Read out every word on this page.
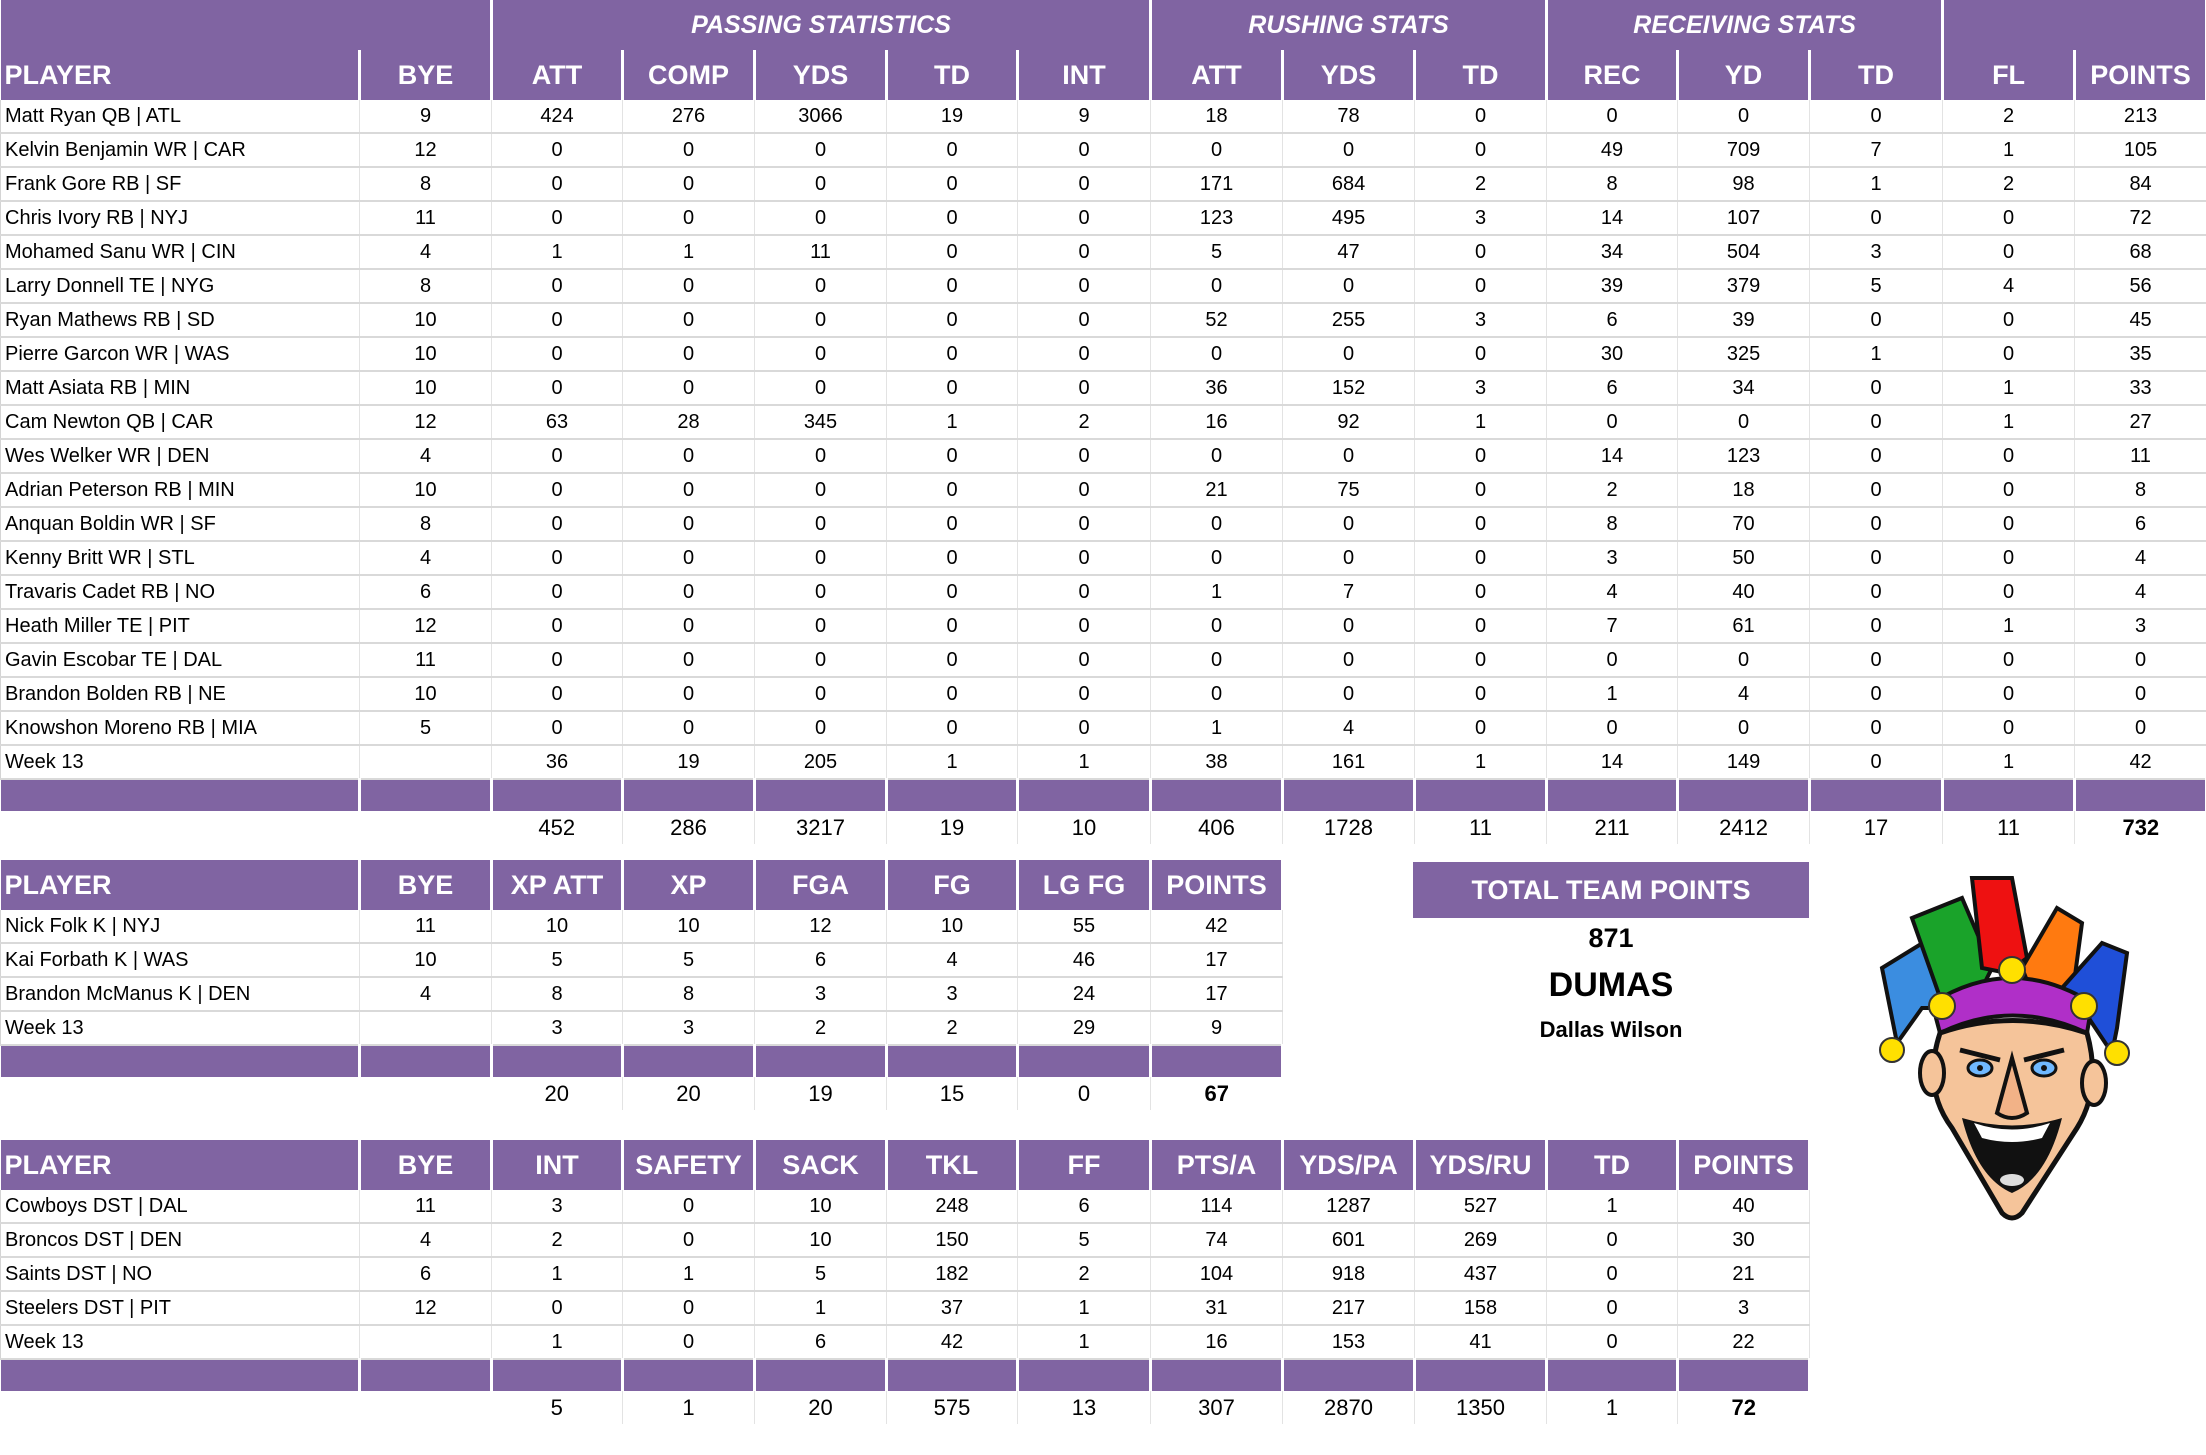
		PASSING STATISTICS					RUSHING STATS			RECEIVING STATS				
PLAYER	BYE	ATT	COMP	YDS	TD	INT	ATT	YDS	TD	REC	YD	TD	FL	POINTS
Matt Ryan QB | ATL	9	424	276	3066	19	9	18	78	0	0	0	0	2	213
Kelvin Benjamin WR | CAR	12	0	0	0	0	0	0	0	0	49	709	7	1	105
Frank Gore RB | SF	8	0	0	0	0	0	171	684	2	8	98	1	2	84
Chris Ivory RB | NYJ	11	0	0	0	0	0	123	495	3	14	107	0	0	72
Mohamed Sanu WR | CIN	4	1	1	11	0	0	5	47	0	34	504	3	0	68
Larry Donnell TE | NYG	8	0	0	0	0	0	0	0	0	39	379	5	4	56
Ryan Mathews RB | SD	10	0	0	0	0	0	52	255	3	6	39	0	0	45
Pierre Garcon WR | WAS	10	0	0	0	0	0	0	0	0	30	325	1	0	35
Matt Asiata RB | MIN	10	0	0	0	0	0	36	152	3	6	34	0	1	33
Cam Newton QB | CAR	12	63	28	345	1	2	16	92	1	0	0	0	1	27
Wes Welker WR | DEN	4	0	0	0	0	0	0	0	0	14	123	0	0	11
Adrian Peterson RB | MIN	10	0	0	0	0	0	21	75	0	2	18	0	0	8
Anquan Boldin WR | SF	8	0	0	0	0	0	0	0	0	8	70	0	0	6
Kenny Britt WR | STL	4	0	0	0	0	0	0	0	0	3	50	0	0	4
Travaris Cadet RB | NO	6	0	0	0	0	0	1	7	0	4	40	0	0	4
Heath Miller TE | PIT	12	0	0	0	0	0	0	0	0	7	61	0	1	3
Gavin Escobar TE | DAL	11	0	0	0	0	0	0	0	0	0	0	0	0	0
Brandon Bolden RB | NE	10	0	0	0	0	0	0	0	0	1	4	0	0	0
Knowshon Moreno RB | MIA	5	0	0	0	0	0	1	4	0	0	0	0	0	0
Week 13		36	19	205	1	1	38	161	1	14	149	0	1	42

		452	286	3217	19	10	406	1728	11	211	2412	17	11	732
PLAYER	BYE	XP ATT	XP	FGA	FG	LG FG	POINTS
Nick Folk K | NYJ	11	10	10	12	10	55	42
Kai Forbath K | WAS	10	5	5	6	4	46	17
Brandon McManus K | DEN	4	8	8	3	3	24	17
Week 13		3	3	2	2	29	9

		20	20	19	15	0	67
PLAYER	BYE	INT	SAFETY	SACK	TKL	FF	PTS/A	YDS/PA	YDS/RU	TD	POINTS
Cowboys DST | DAL	11	3	0	10	248	6	114	1287	527	1	40
Broncos DST | DEN	4	2	0	10	150	5	74	601	269	0	30
Saints DST | NO	6	1	1	5	182	2	104	918	437	0	21
Steelers DST | PIT	12	0	0	1	37	1	31	217	158	0	3
Week 13		1	0	6	42	1	16	153	41	0	22

		5	1	20	575	13	307	2870	1350	1	72
TOTAL TEAM POINTS
871
DUMAS
Dallas Wilson
